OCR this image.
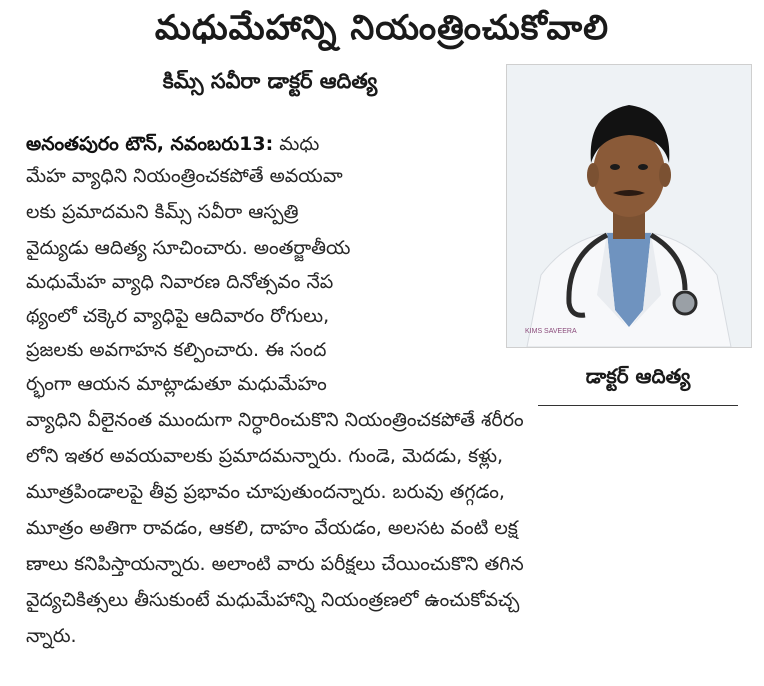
మధుమేహాన్ని నియంత్రించుకోవాలి
కిమ్స్ సవీరా డాక్టర్ ఆదిత్య
KIMS SAVEERA
డాక్టర్ ఆదిత్య
అనంతపురం టౌన్, నవంబరు13: మధు
మేహ వ్యాధిని నియంత్రించకపోతే అవయవా
లకు ప్రమాదమని కిమ్స్ సవీరా ఆస్పత్రి
వైద్యుడు ఆదిత్య సూచించారు. అంతర్జాతీయ
మధుమేహ వ్యాధి నివారణ దినోత్సవం నేప
థ్యంలో చక్కెర వ్యాధిపై ఆదివారం రోగులు,
ప్రజలకు అవగాహన కల్పించారు. ఈ సంద
ర్భంగా ఆయన మాట్లాడుతూ మధుమేహం
వ్యాధిని వీలైనంత ముందుగా నిర్ధారించుకొని నియంత్రించకపోతే శరీరం
లోని ఇతర అవయవాలకు ప్రమాదమన్నారు. గుండె, మెదడు, కళ్లు,
మూత్రపిండాలపై తీవ్ర ప్రభావం చూపుతుందన్నారు. బరువు తగ్గడం,
మూత్రం అతిగా రావడం, ఆకలి, దాహం వేయడం, అలసట వంటి లక్ష
ణాలు కనిపిస్తాయన్నారు. అలాంటి వారు పరీక్షలు చేయించుకొని తగిన
వైద్యచికిత్సలు తీసుకుంటే మధుమేహాన్ని నియంత్రణలో ఉంచుకోవచ్చ
న్నారు.
